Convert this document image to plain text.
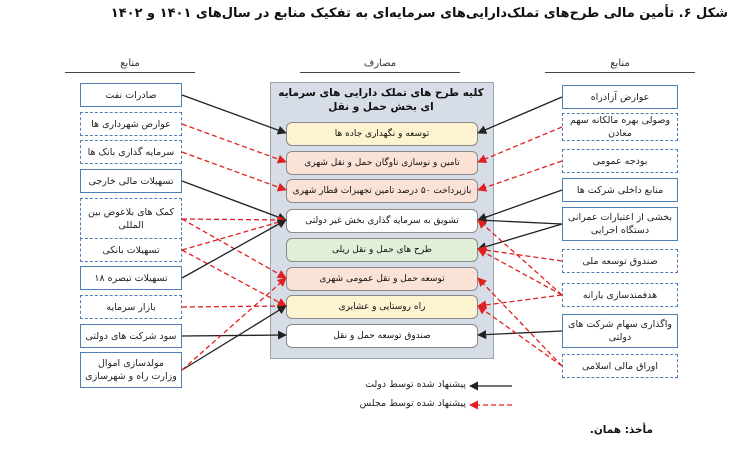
شکل ۶. تأمین مالی طرح‌های تملک‌دارایی‌های سرمایه‌ای به تفکیک منابع در سال‌های ۱۴۰۱ و ۱۴۰۲
منابع	مصارف	منابع
کلیه طرح های تملک دارایی های سرمایه ای بخش حمل و نقل
توسعه و نگهداری جاده ها
تامین و نوسازی ناوگان حمل و نقل شهری
بازپرداخت ۵۰ درصد تامین تجهیزات قطار شهری
تشویق به سرمایه گذاری بخش غیر دولتی
طرح های حمل و نقل ریلی
توسعه حمل و نقل عمومی شهری
راه روستایی و عشایری
صندوق توسعه حمل و نقل
صادرات نفت
عوارض شهرداری ها
سرمایه گذاری بانک ها
تسهیلات مالی خارجی
کمک های بلاعوض بین المللی
تسهیلات بانکی
تسهیلات تبصره ۱۸
بازار سرمایه
سود شرکت های دولتی
مولدسازی اموال وزارت راه و شهرسازی
عوارض آزادراه
وصولی بهره مالکانه سهم معادن
بودجه عمومی
منابع داخلی شرکت ها
بخشی از اعتبارات عمرانی دستگاه اجرایی
صندوق توسعه ملی
هدفمندسازی یارانه
واگذاری سهام شرکت های دولتی
اوراق مالی اسلامی
پیشنهاد شده توسط دولت
پیشنهاد شده توسط مجلس
مأخذ: همان.
